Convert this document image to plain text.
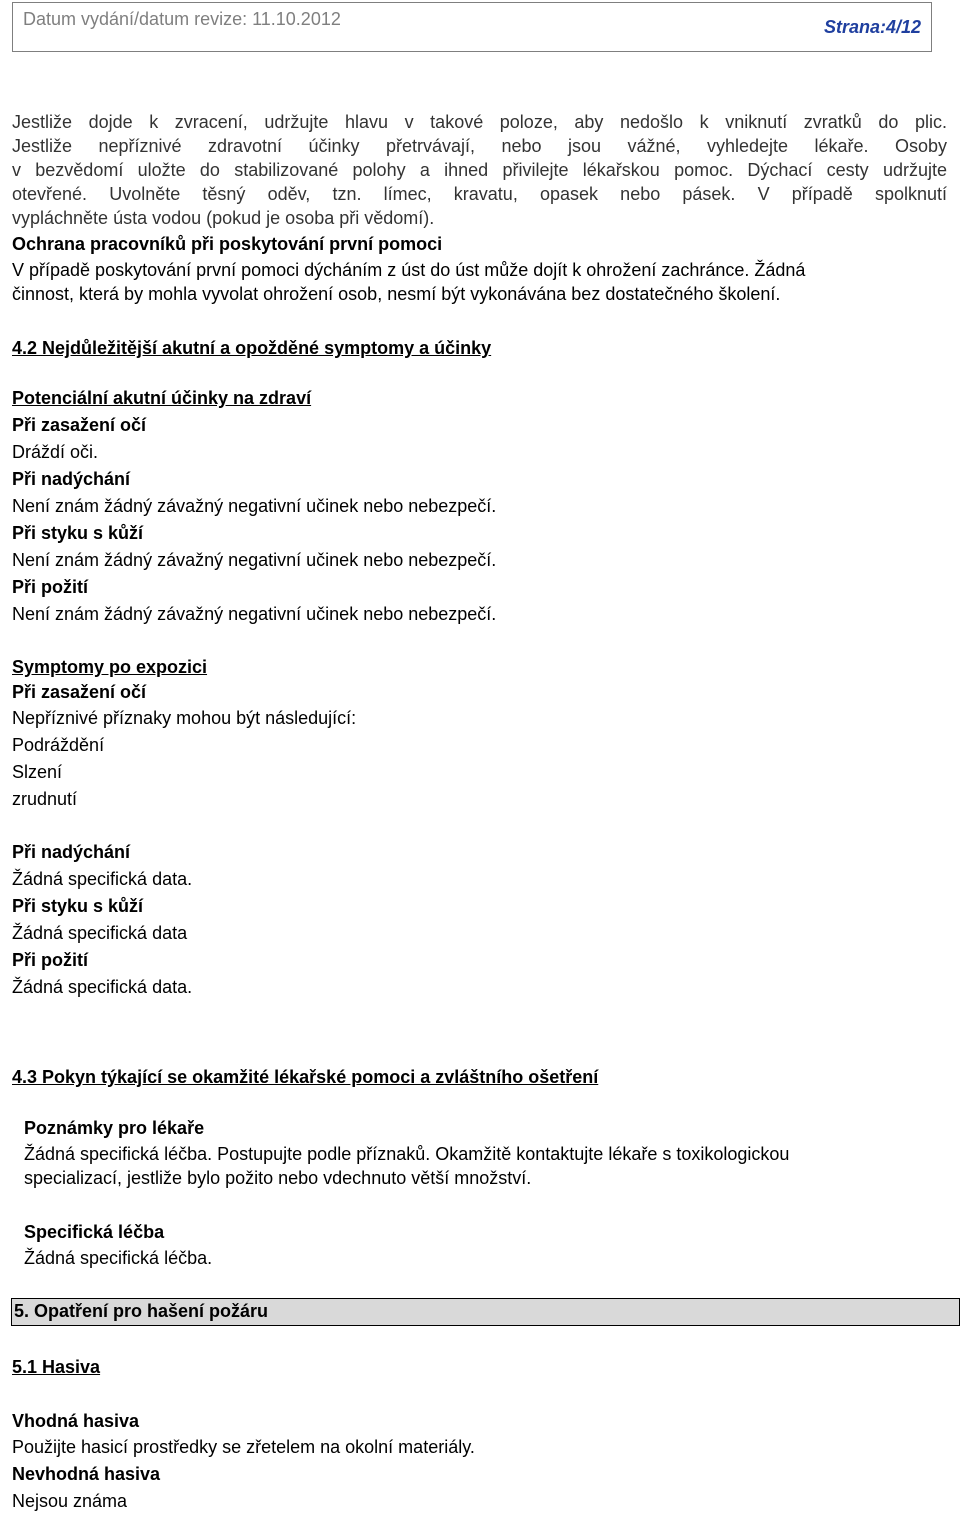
Datum vydání/datum revize: 11.10.2012	Strana:4/12
Jestliže dojde k zvracení, udržujte hlavu v takové poloze, aby nedošlo k vniknutí zvratků do plic.
Jestliže nepříznivé zdravotní účinky přetrvávají, nebo jsou vážné, vyhledejte lékaře. Osoby
v bezvědomí uložte do stabilizované polohy a ihned přivilejte lékařskou pomoc. Dýchací cesty udržujte
otevřené. Uvolněte těsný oděv, tzn. límec, kravatu, opasek nebo pásek. V případě spolknutí
vypláchněte ústa vodou (pokud je osoba při vědomí).
Ochrana pracovníků při poskytování první pomoci
V případě poskytování první pomoci dýcháním z úst do úst může dojít k ohrožení zachránce. Žádná
činnost, která by mohla vyvolat ohrožení osob, nesmí být vykonávána bez dostatečného školení.
4.2 Nejdůležitější akutní a opožděné symptomy a účinky
Potenciální akutní účinky na zdraví
Při zasažení očí
Dráždí oči.
Při nadýchání
Není znám žádný závažný negativní učinek nebo nebezpečí.
Při styku s kůží
Není znám žádný závažný negativní učinek nebo nebezpečí.
Při požití
Není znám žádný závažný negativní učinek nebo nebezpečí.
Symptomy po expozici
Při zasažení očí
Nepříznivé příznaky mohou být následující:
Podráždění
Slzení
zrudnutí
Při nadýchání
Žádná specifická data.
Při styku s kůží
Žádná specifická data
Při požití
Žádná specifická data.
4.3 Pokyn týkající se okamžité lékařské pomoci a zvláštního ošetření
Poznámky pro lékaře
Žádná specifická léčba. Postupujte podle příznaků. Okamžitě kontaktujte lékaře s toxikologickou
specializací, jestliže bylo požito nebo vdechnuto větší množství.
Specifická léčba
Žádná specifická léčba.
5. Opatření pro hašení požáru
5.1 Hasiva
Vhodná hasiva
Použijte hasicí prostředky se zřetelem na okolní materiály.
Nevhodná hasiva
Nejsou známa
